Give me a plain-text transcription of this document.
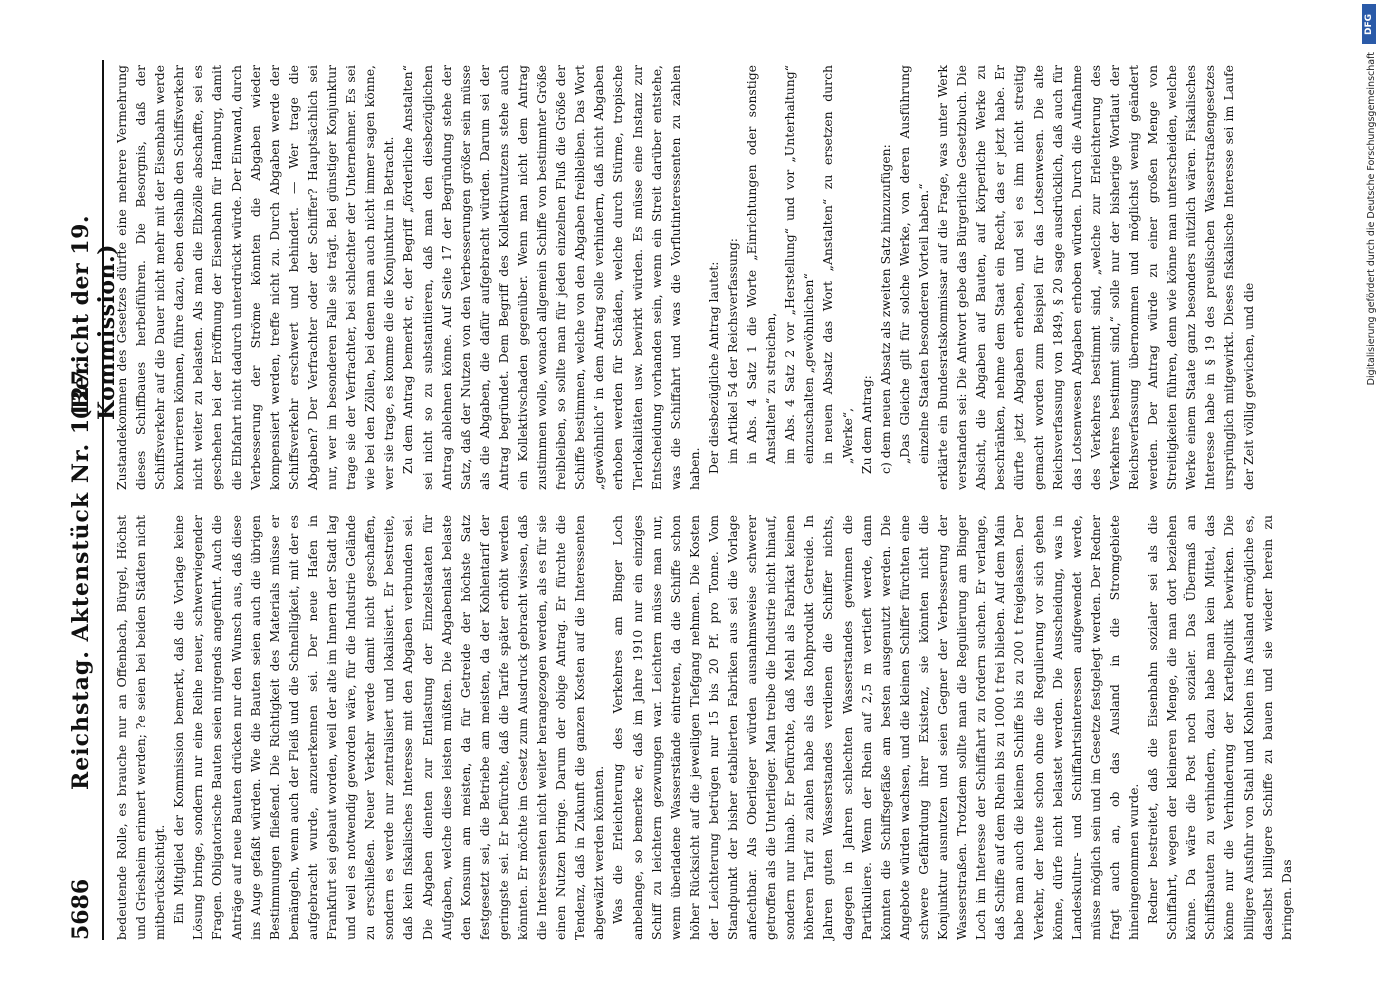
5686
Reichstag. Aktenstück Nr. 1127.
(Bericht der 19. Kommission.)

bedeutende Rolle, es brauche nur an Offenbach, Bürgel, Höchst und Griesheim erinnert werden; ?e seien bei beiden Städten nicht mitberücksichtigt. Ein Mitglied der Kommission bemerkt, daß die Vorlage keine Lösung bringe, sondern nur eine Reihe neuer, schwerwiegender Fragen. Obligatorische Bauten seien nirgends angeführt. Auch die Anträge auf neue Bauten drücken nur den Wunsch aus, daß diese ins Auge gefaßt würden. Wie die Bauten seien auch die übrigen Bestimmungen fließend. Die Richtigkeit des Materials müsse er bemängeln, wenn auch der Fleiß und die Schnelligkeit, mit der es aufgebracht wurde, anzuerkennen sei. Der neue Hafen in Frankfurt sei gebaut worden, weil der alte im Innern der Stadt lag und weil es notwendig geworden wäre, für die Industrie Gelände zu erschließen. Neuer Verkehr werde damit nicht geschaffen, sondern es werde nur zentralisiert und lokalisiert. Er bestreite, daß kein fiskalisches Interesse mit den Abgaben verbunden sei. Die Abgaben dienten zur Entlastung der Einzelstaaten für Aufgaben, welche diese leisten müßten. Die Abgabenlast belaste den Konsum am meisten, da für Getreide der höchste Satz festgesetzt sei, die Betriebe am meisten, da der Kohlentarif der geringste sei. Er befürchte, daß die Tarife später erhöht werden könnten. Er möchte im Gesetz zum Ausdruck gebracht wissen, daß die Interessenten nicht weiter herangezogen werden, als es für sie einen Nutzen bringe. Darum der obige Antrag. Er fürchte die Tendenz, daß in Zukunft die ganzen Kosten auf die Interessenten abgewälzt werden könnten. Was die Erleichterung des Verkehres am Binger Loch anbelange, so bemerke er, daß im Jahre 1910 nur ein einziges Schiff zu leichtern gezwungen war. Leichtern müsse man nur, wenn überladene Wasserstände eintreten, da die Schiffe schon höher Rücksicht auf die jeweiligen Tiefgang nehmen. Die Kosten der Leichterung betrügen nur 15 bis 20 Pf. pro Tonne. Vom Standpunkt der bisher etablierten Fabriken aus sei die Vorlage anfechtbar. Als Oberlieger würden ausnahmsweise schwerer getroffen als die Unterlieger. Man treibe die Industrie nicht hinauf, sondern nur hinab. Er befürchte, daß Mehl als Fabrikat keinen höheren Tarif zu zahlen habe als das Rohprodukt Getreide. In Jahren guten Wasserstandes verdienen die Schiffer nichts, dagegen in Jahren schlechten Wasserstandes gewinnen die Partikuliere. Wenn der Rhein auf 2,5 m vertieft werde, dann könnten die Schiffsgefäße am besten ausgenutzt werden. Die Angebote würden wachsen, und die kleinen Schiffer fürchten eine schwere Gefährdung ihrer Existenz, sie könnten nicht die Konjunktur ausnutzen und seien Gegner der Verbesserung der Wasserstraßen. Trotzdem sollte man die Regulierung am Binger Loch im Interesse der Schiffahrt zu fordern suchen. Er verlange, daß Schiffe auf dem Rhein bis zu 1000 t frei blieben. Auf dem Main habe man auch die kleinen Schiffe bis zu 200 t freigelassen. Der Verkehr, der heute schon ohne die Regulierung vor sich gehen könne, dürfe nicht belastet werden. Die Ausscheidung, was in Landeskultur- und Schiffahrtsinteressen aufgewendet werde, müsse möglich sein und im Gesetze festgelegt werden. Der Redner fragt auch an, ob das Ausland in die Stromgebiete hineingenommen wurde. Redner bestreitet, daß die Eisenbahn sozialer sei als die Schiffahrt, wegen der kleineren Menge, die man dort beziehen könne. Da wäre die Post noch sozialer. Das Übermaß an Schiffsbauten zu verhindern, dazu habe man kein Mittel, das könne nur die Verhinderung der Kartellpolitik bewirken. Die billigere Ausfuhr von Stahl und Kohlen ins Ausland ermögliche es, daselbst billigere Schiffe zu bauen und sie wieder herein zu bringen. Das

Zustandekommen des Gesetzes dürfte eine mehrere Vermehrung dieses Schiffbaues herbeiführen. Die Besorgnis, daß der Schiffsverkehr auf die Dauer nicht mehr mit der Eisenbahn werde konkurrieren können, führe dazu, eben deshalb den Schiffsverkehr nicht weiter zu belasten. Als man die Elbzölle abschaffte, sei es geschehen bei der Eröffnung der Eisenbahn für Hamburg, damit die Elbfahrt nicht dadurch unterdrückt würde. Der Einwand, durch Verbesserung der Ströme könnten die Abgaben wieder kompensiert werden, treffe nicht zu. Durch Abgaben werde der Schiffsverkehr erschwert und behindert. — Wer trage die Abgaben? Der Verfrachter oder der Schiffer? Hauptsächlich sei nur, wer im besonderen Falle sie trägt. Bei günstiger Konjunktur trage sie der Verfrachter, bei schlechter der Unternehmer. Es sei wie bei den Zöllen, bei denen man auch nicht immer sagen könne, wer sie trage, es komme die die Konjunktur in Betracht. Zu dem Antrag bemerkt er, der Begriff „förderliche Anstalten“ sei nicht so zu substantiieren, daß man den diesbezüglichen Antrag ablehnen könne. Auf Seite 17 der Begründung stehe der Satz, daß der Nutzen von den Verbesserungen größer sein müsse als die Abgaben, die dafür aufgebracht würden. Darum sei der Antrag begründet. Dem Begriff des Kollektivnutzens stehe auch ein Kollektivschaden gegenüber. Wenn man nicht dem Antrag zustimmen wolle, wonach allgemein Schiffe von bestimmter Größe freibleiben, so sollte man für jeden einzelnen Fluß die Größe der Schiffe bestimmen, welche von den Abgaben freibleiben. Das Wort „gewöhnlich“ in dem Antrag solle verhindern, daß nicht Abgaben erhoben werden für Schäden, welche durch Stürme, tropische Tierlokalitäten usw. bewirkt würden. Es müsse eine Instanz zur Entscheidung vorhanden sein, wenn ein Streit darüber entstehe, was die Schiffahrt und was die Vorflutinteressenten zu zahlen haben. Der diesbezügliche Antrag lautet: im Artikel 54 der Reichsverfassung: in Abs. 4 Satz 1 die Worte „Einrichtungen oder sonstige Anstalten“ zu streichen, im Abs. 4 Satz 2 vor „Herstellung“ und vor „Unterhaltung“ einzuschalten „gewöhnlichen“ in neuen Absatz das Wort „Anstalten“ zu ersetzen durch „Werke“, Zu dem Antrag: c) dem neuen Absatz als zweiten Satz hinzuzufügen: „Das Gleiche gilt für solche Werke, von deren Ausführung einzelne Staaten besonderen Vorteil haben.“ erklärte ein Bundesratskommissar auf die Frage, was unter Werk verstanden sei: Die Antwort gebe das Bürgerliche Gesetzbuch. Die Absicht, die Abgaben auf Bauten, auf körperliche Werke zu beschränken, nehme dem Staat ein Recht, das er jetzt habe. Er dürfte jetzt Abgaben erheben, und sei es ihm nicht streitig gemacht worden zum Beispiel für das Lotsenwesen. Die alte Reichsverfassung von 1849, § 20 sage ausdrücklich, daß auch für das Lotsenwesen Abgaben erhoben würden. Durch die Aufnahme des Verkehres bestimmt sind, „welche zur Erleichterung des Verkehres bestimmt sind,“ solle nur der bisherige Wortlaut der Reichsverfassung übernommen und möglichst wenig geändert werden. Der Antrag würde zu einer großen Menge von Streitigkeiten führen, denn wie könne man unterscheiden, welche Werke einem Staate ganz besonders nützlich wären. Fiskalisches Interesse habe in § 19 des preußischen Wasserstraßengesetzes ursprünglich mitgewirkt. Dieses fiskalische Interesse sei im Laufe der Zeit völlig gewichen, und die

DFG
Digitalisierung gefördert durch die Deutsche Forschungsgemeinschaft
